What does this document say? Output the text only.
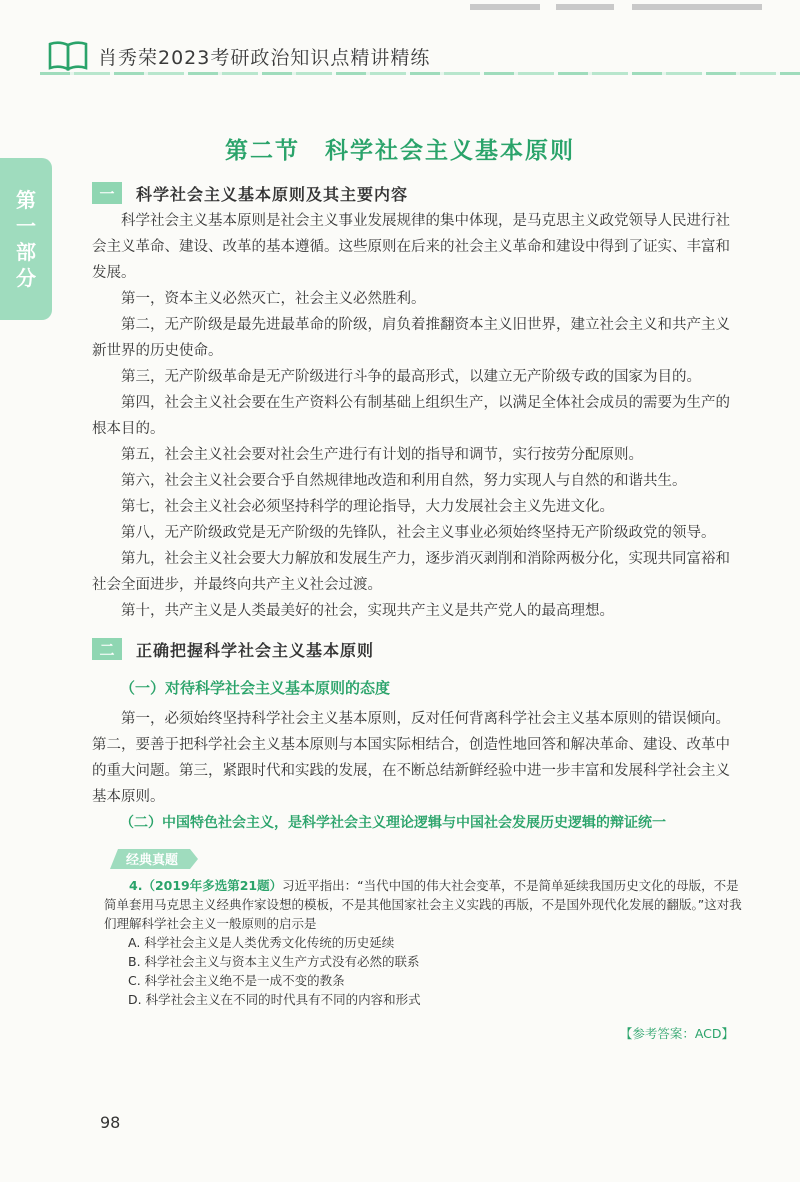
肖秀荣2023考研政治知识点精讲精练
第
一
部
分
第二节　科学社会主义基本原则
一	科学社会主义基本原则及其主要内容

科学社会主义基本原则是社会主义事业发展规律的集中体现，是马克思主义政党领导人民进行社会主义革命、建设、改革的基本遵循。这些原则在后来的社会主义革命和建设中得到了证实、丰富和发展。

第一，资本主义必然灭亡，社会主义必然胜利。

第二，无产阶级是最先进最革命的阶级，肩负着推翻资本主义旧世界，建立社会主义和共产主义新世界的历史使命。

第三，无产阶级革命是无产阶级进行斗争的最高形式，以建立无产阶级专政的国家为目的。

第四，社会主义社会要在生产资料公有制基础上组织生产，以满足全体社会成员的需要为生产的根本目的。

第五，社会主义社会要对社会生产进行有计划的指导和调节，实行按劳分配原则。

第六，社会主义社会要合乎自然规律地改造和利用自然，努力实现人与自然的和谐共生。

第七，社会主义社会必须坚持科学的理论指导，大力发展社会主义先进文化。

第八，无产阶级政党是无产阶级的先锋队，社会主义事业必须始终坚持无产阶级政党的领导。

第九，社会主义社会要大力解放和发展生产力，逐步消灭剥削和消除两极分化，实现共同富裕和社会全面进步，并最终向共产主义社会过渡。

第十，共产主义是人类最美好的社会，实现共产主义是共产党人的最高理想。

二	正确把握科学社会主义基本原则
（一）对待科学社会主义基本原则的态度

第一，必须始终坚持科学社会主义基本原则，反对任何背离科学社会主义基本原则的错误倾向。第二，要善于把科学社会主义基本原则与本国实际相结合，创造性地回答和解决革命、建设、改革中的重大问题。第三，紧跟时代和实践的发展，在不断总结新鲜经验中进一步丰富和发展科学社会主义基本原则。

（二）中国特色社会主义，是科学社会主义理论逻辑与中国社会发展历史逻辑的辩证统一
经典真题

4.（2019年多选第21题）习近平指出：“当代中国的伟大社会变革，不是简单延续我国历史文化的母版，不是简单套用马克思主义经典作家设想的模板，不是其他国家社会主义实践的再版，不是国外现代化发展的翻版。”这对我们理解科学社会主义一般原则的启示是

A. 科学社会主义是人类优秀文化传统的历史延续

B. 科学社会主义与资本主义生产方式没有必然的联系

C. 科学社会主义绝不是一成不变的教条

D. 科学社会主义在不同的时代具有不同的内容和形式

【参考答案：ACD】
98
